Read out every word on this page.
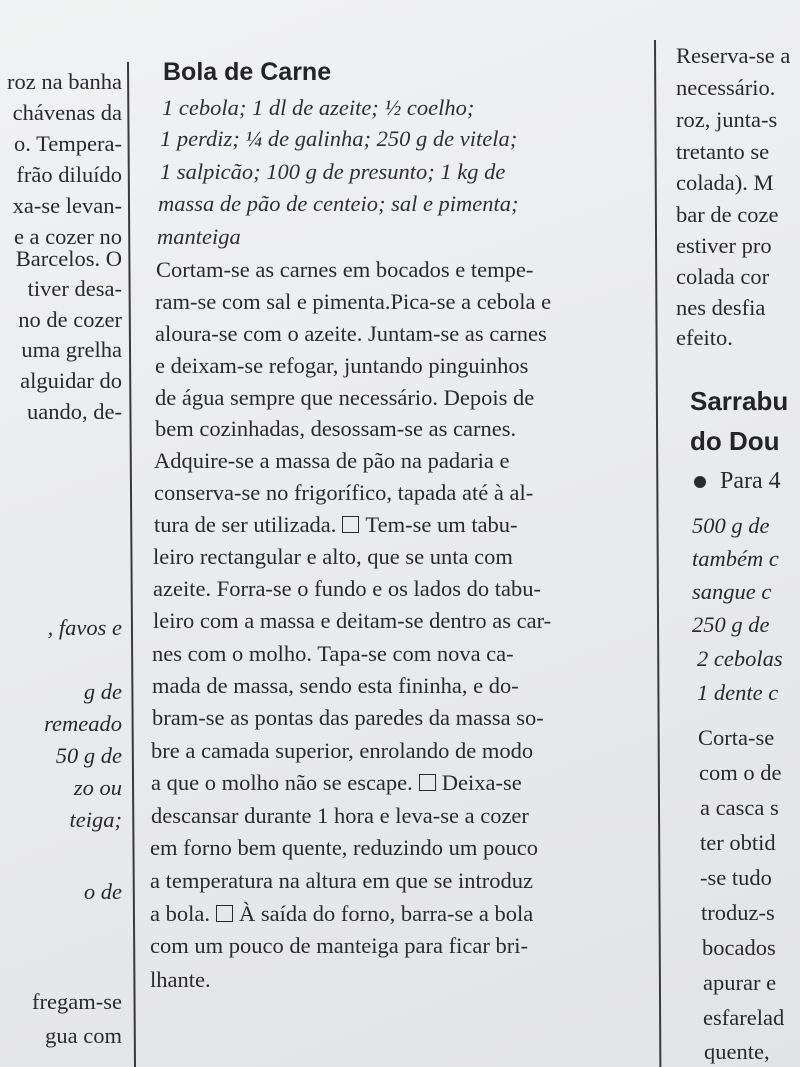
roz na banha
chávenas da
o. Tempera-
frão diluído
xa-se levan-
e a cozer no
Barcelos. O
tiver desa-
no de cozer
uma grelha
alguidar do
uando, de-
, favos e
g de
remeado
50 g de
zo ou
teiga;
o de
fregam-se
gua com
Bola de Carne
1 cebola; 1 dl de azeite; ½ coelho;
1 perdiz; ¼ de galinha; 250 g de vitela;
1 salpicão; 100 g de presunto; 1 kg de
massa de pão de centeio; sal e pimenta;
manteiga
Cortam-se as carnes em bocados e tempe-
ram-se com sal e pimenta.Pica-se a cebola e
aloura-se com o azeite. Juntam-se as carnes
e deixam-se refogar, juntando pinguinhos
de água sempre que necessário. Depois de
bem cozinhadas, desossam-se as carnes.
Adquire-se a massa de pão na padaria e
conserva-se no frigorífico, tapada até à al-
tura de ser utilizada. Tem-se um tabu-
leiro rectangular e alto, que se unta com
azeite. Forra-se o fundo e os lados do tabu-
leiro com a massa e deitam-se dentro as car-
nes com o molho. Tapa-se com nova ca-
mada de massa, sendo esta fininha, e do-
bram-se as pontas das paredes da massa so-
bre a camada superior, enrolando de modo
a que o molho não se escape. Deixa-se
descansar durante 1 hora e leva-se a cozer
em forno bem quente, reduzindo um pouco
a temperatura na altura em que se introduz
a bola. À saída do forno, barra-se a bola
com um pouco de manteiga para ficar bri-
lhante.
Reserva-se a
necessário.
roz, junta-s
tretanto se
colada). M
bar de coze
estiver pro
colada cor
nes desfia
efeito.
Sarrabu
do Dou
Para 4
500 g de
também c
sangue c
250 g de
2 cebolas
1 dente c
Corta-se
com o de
a casca s
ter obtid
-se tudo
troduz-s
bocados
apurar e
esfarelad
quente,
